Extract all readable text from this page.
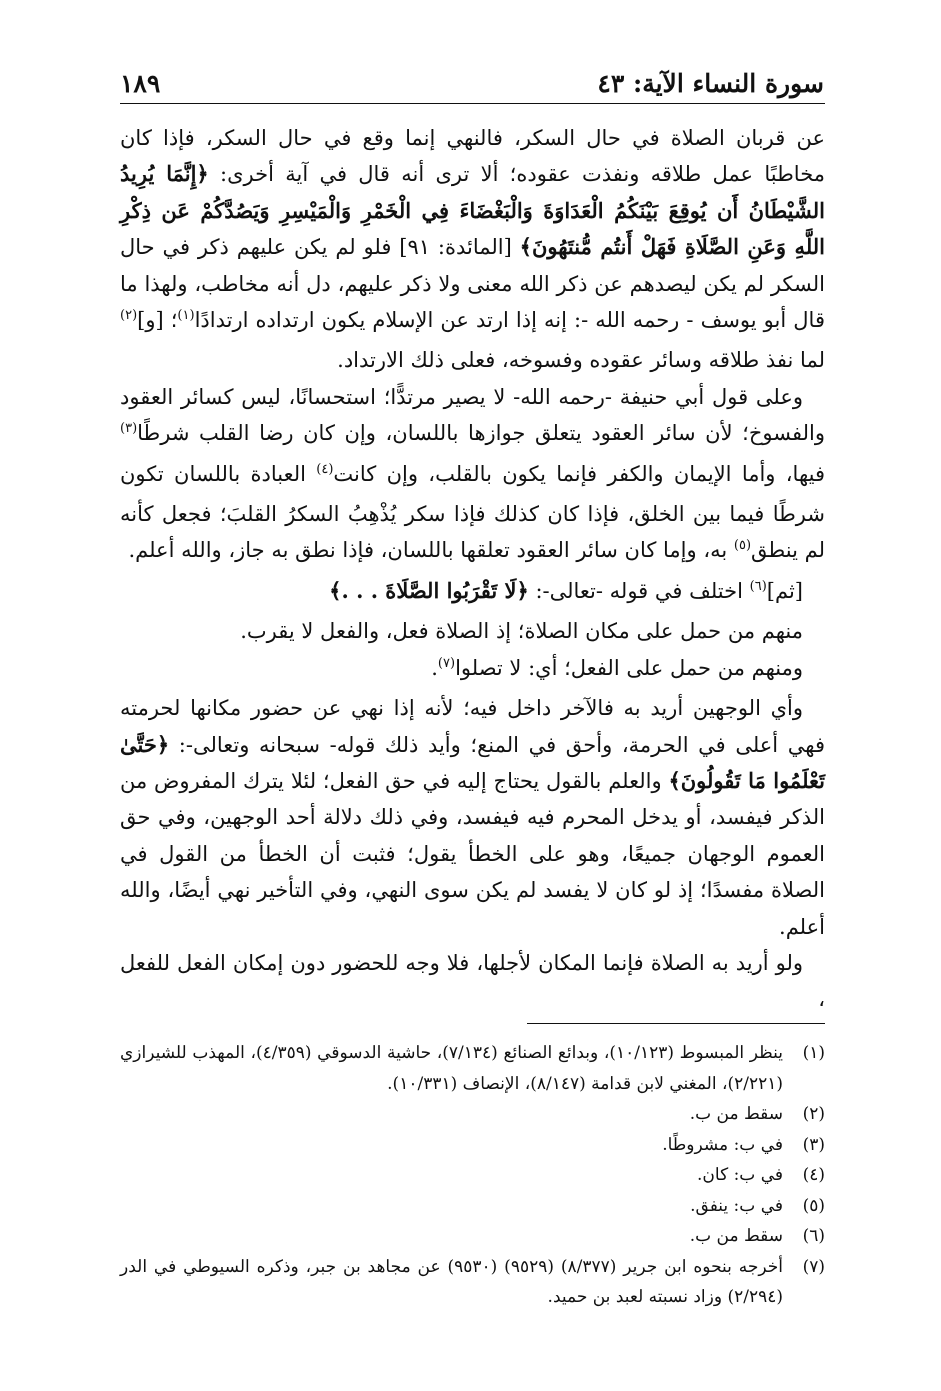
سورة النساء الآية: ٤٣
١٨٩

عن قربان الصلاة في حال السكر، فالنهي إنما وقع في حال السكر، فإذا كان مخاطبًا عمل طلاقه ونفذت عقوده؛ ألا ترى أنه قال في آية أخرى: ﴿إِنَّمَا يُرِيدُ الشَّيْطَانُ أَن يُوقِعَ بَيْنَكُمُ الْعَدَاوَةَ وَالْبَغْضَاءَ فِي الْخَمْرِ وَالْمَيْسِرِ وَيَصُدَّكُمْ عَن ذِكْرِ اللَّهِ وَعَنِ الصَّلَاةِ فَهَلْ أَنتُم مُّنتَهُونَ﴾ [المائدة: ٩١] فلو لم يكن عليهم ذكر في حال السكر لم يكن ليصدهم عن ذكر الله معنى ولا ذكر عليهم، دل أنه مخاطب، ولهذا ما قال أبو يوسف - رحمه الله -: إنه إذا ارتد عن الإسلام يكون ارتداده ارتدادًا$^{(١)}$؛ [و]$^{(٢)}$ لما نفذ طلاقه وسائر عقوده وفسوخه، فعلى ذلك الارتداد.

وعلى قول أبي حنيفة -رحمه الله- لا يصير مرتدًّا؛ استحسانًا، ليس كسائر العقود والفسوخ؛ لأن سائر العقود يتعلق جوازها باللسان، وإن كان رضا القلب شرطًا$^{(٣)}$ فيها، وأما الإيمان والكفر فإنما يكون بالقلب، وإن كانت$^{(٤)}$ العبادة باللسان تكون شرطًا فيما بين الخلق، فإذا كان كذلك فإذا سكر يُذْهِبُ السكرُ القلبَ؛ فجعل كأنه لم ينطق$^{(٥)}$ به، وإما كان سائر العقود تعلقها باللسان، فإذا نطق به جاز، والله أعلم.

[ثم]$^{(٦)}$ اختلف في قوله -تعالى-: ﴿لَا تَقْرَبُوا الصَّلَاةَ . . .﴾

منهم من حمل على مكان الصلاة؛ إذ الصلاة فعل، والفعل لا يقرب.

ومنهم من حمل على الفعل؛ أي: لا تصلوا$^{(٧)}$.

وأي الوجهين أريد به فالآخر داخل فيه؛ لأنه إذا نهي عن حضور مكانها لحرمته فهي أعلى في الحرمة، وأحق في المنع؛ وأيد ذلك قوله- سبحانه وتعالى-: ﴿حَتَّىٰ تَعْلَمُوا مَا تَقُولُونَ﴾ والعلم بالقول يحتاج إليه في حق الفعل؛ لئلا يترك المفروض من الذكر فيفسد، أو يدخل المحرم فيه فيفسد، وفي ذلك دلالة أحد الوجهين، وفي حق العموم الوجهان جميعًا، وهو على الخطأ يقول؛ فثبت أن الخطأ من القول في الصلاة مفسدًا؛ إذ لو كان لا يفسد لم يكن سوى النهي، وفي التأخير نهي أيضًا، والله أعلم.

ولو أريد به الصلاة فإنما المكان لأجلها، فلا وجه للحضور دون إمكان الفعل للفعل ،

(١)
ينظر المبسوط (١٠/١٢٣)، وبدائع الصنائع (٧/١٣٤)، حاشية الدسوقي (٤/٣٥٩)، المهذب للشيرازي (٢/٢٢١)، المغني لابن قدامة (٨/١٤٧)، الإنصاف (١٠/٣٣١).
(٢)
سقط من ب.
(٣)
في ب: مشروطًا.
(٤)
في ب: كان.
(٥)
في ب: ينفق.
(٦)
سقط من ب.
(٧)
أخرجه بنحوه ابن جرير (٨/٣٧٧) (٩٥٢٩) (٩٥٣٠) عن مجاهد بن جبر، وذكره السيوطي في الدر (٢/٢٩٤) وزاد نسبته لعبد بن حميد.
